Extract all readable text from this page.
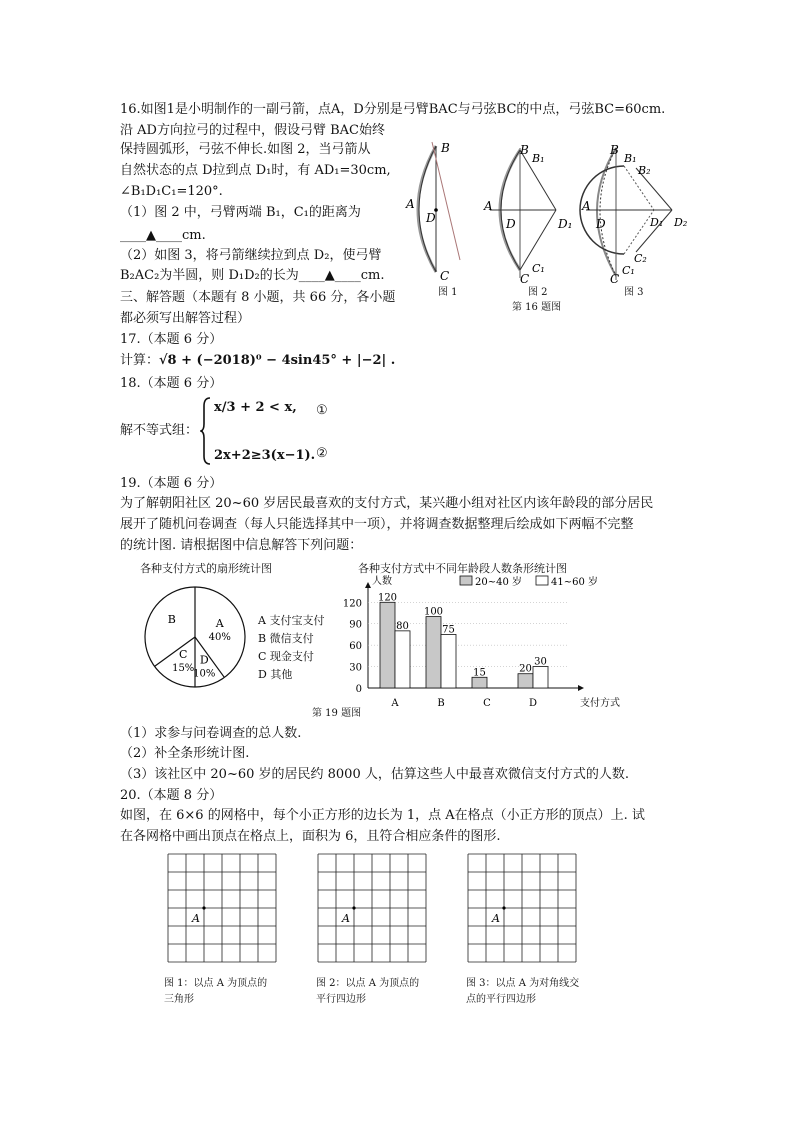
16.如图1是小明制作的一副弓箭，点A，D分别是弓臂BAC与弓弦BC的中点，弓弦BC=60cm.
沿 AD方向拉弓的过程中，假设弓臂 BAC始终
保持圆弧形，弓弦不伸长.如图 2，当弓箭从
自然状态的点 D拉到点 D₁时，有 AD₁=30cm,
∠B₁D₁C₁=120°.
（1）图 2 中，弓臂两端 B₁，C₁的距离为
____▲____cm.
（2）如图 3，将弓箭继续拉到点 D₂，使弓臂
B₂AC₂为半圆，则 D₁D₂的长为____▲____cm.
B
A
D
C
B
B₁
A
D	D₁
C₁
C
B
B₁
B₂
A
D	D₁ D₂
C₂
C₁
C
图 1	图 2	图 3
第 16 题图
三、解答题（本题有 8 小题，共 66 分，各小题
都必须写出解答过程）
17.（本题 6 分）
计算：√8 + (−2018)⁰ − 4sin45° + |−2| .
18.（本题 6 分）
解不等式组：
x/3 + 2 < x,
2x+2≥3(x−1).
①
②
19.（本题 6 分）
为了解朝阳社区 20~60 岁居民最喜欢的支付方式，某兴趣小组对社区内该年龄段的部分居民
展开了随机问卷调查（每人只能选择其中一项），并将调查数据整理后绘成如下两幅不完整
的统计图. 请根据图中信息解答下列问题：
各种支付方式的扇形统计图
A
40%
D
10%
C
15%
B	A 支付宝支付
B 微信支付
C 现金支付
D 其他
各种支付方式中不同年龄段人数条形统计图
0
30
60
90
120
人数
支付方式
20~40 岁	41~60 岁
120
80
A
100
75
B
15
C
20
30
D
第 19 题图
（1）求参与问卷调查的总人数.
（2）补全条形统计图.
（3）该社区中 20~60 岁的居民约 8000 人，估算这些人中最喜欢微信支付方式的人数.
20.（本题 8 分）
如图，在 6×6 的网格中，每个小正方形的边长为 1，点 A在格点（小正方形的顶点）上. 试
在各网格中画出顶点在格点上，面积为 6，且符合相应条件的图形.
A	A	A
图 1：以点 A 为顶点的
三角形
图 2：以点 A 为顶点的
平行四边形
图 3：以点 A 为对角线交
点的平行四边形
